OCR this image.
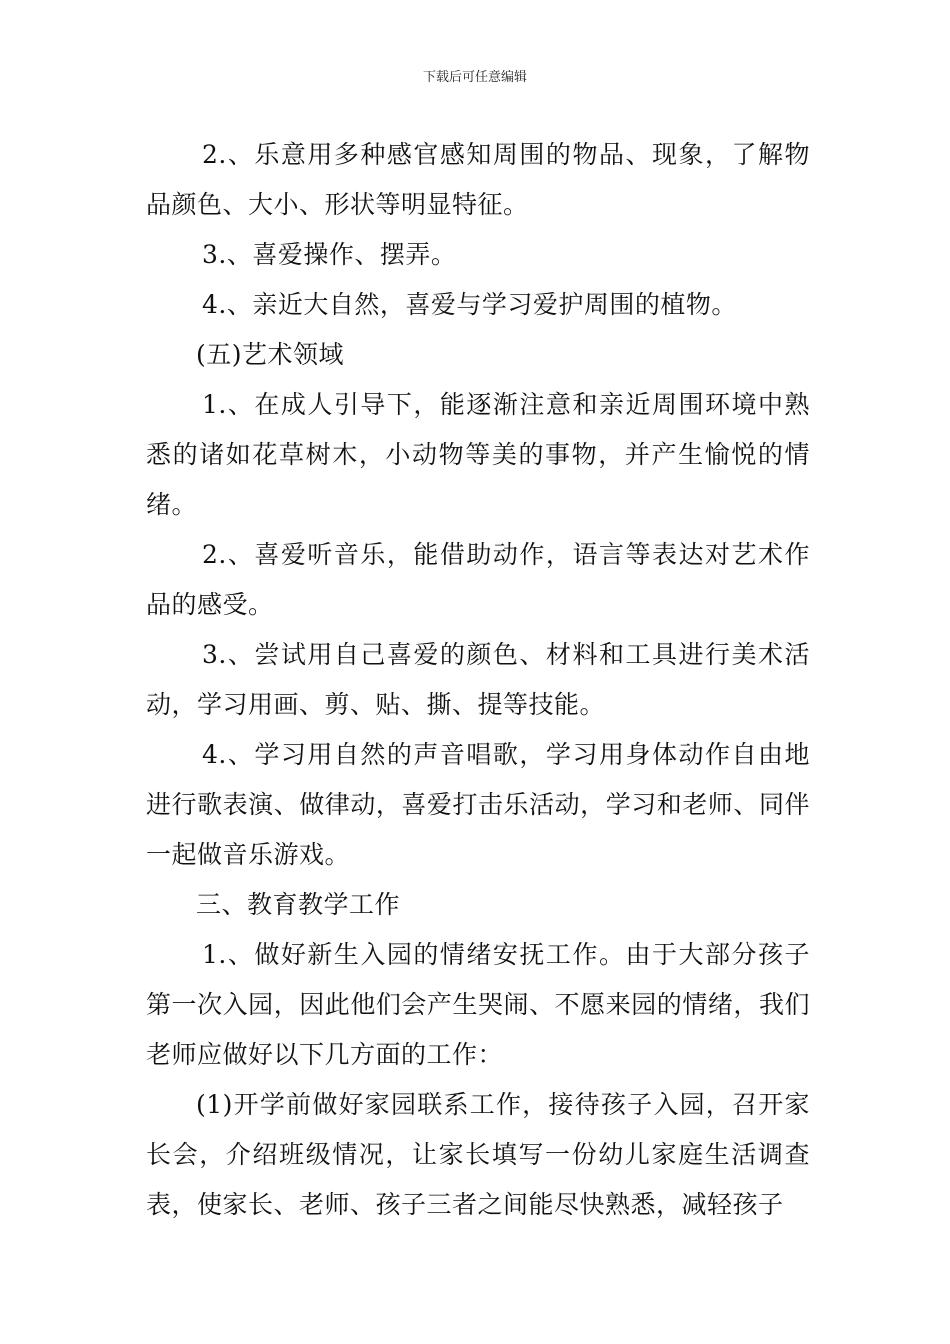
下载后可任意编辑

2.、乐意用多种感官感知周围的物品、现象，了解物品颜色、大小、形状等明显特征。

3.、喜爱操作、摆弄。

4.、亲近大自然，喜爱与学习爱护周围的植物。

(五)艺术领域

1.、在成人引导下，能逐渐注意和亲近周围环境中熟悉的诸如花草树木，小动物等美的事物，并产生愉悦的情绪。

2.、喜爱听音乐，能借助动作，语言等表达对艺术作品的感受。

3.、尝试用自己喜爱的颜色、材料和工具进行美术活动，学习用画、剪、贴、撕、提等技能。

4.、学习用自然的声音唱歌，学习用身体动作自由地进行歌表演、做律动，喜爱打击乐活动，学习和老师、同伴一起做音乐游戏。

三、教育教学工作

1.、做好新生入园的情绪安抚工作。由于大部分孩子第一次入园，因此他们会产生哭闹、不愿来园的情绪，我们老师应做好以下几方面的工作：

(1)开学前做好家园联系工作，接待孩子入园，召开家长会，介绍班级情况，让家长填写一份幼儿家庭生活调查表，使家长、老师、孩子三者之间能尽快熟悉，减轻孩子
